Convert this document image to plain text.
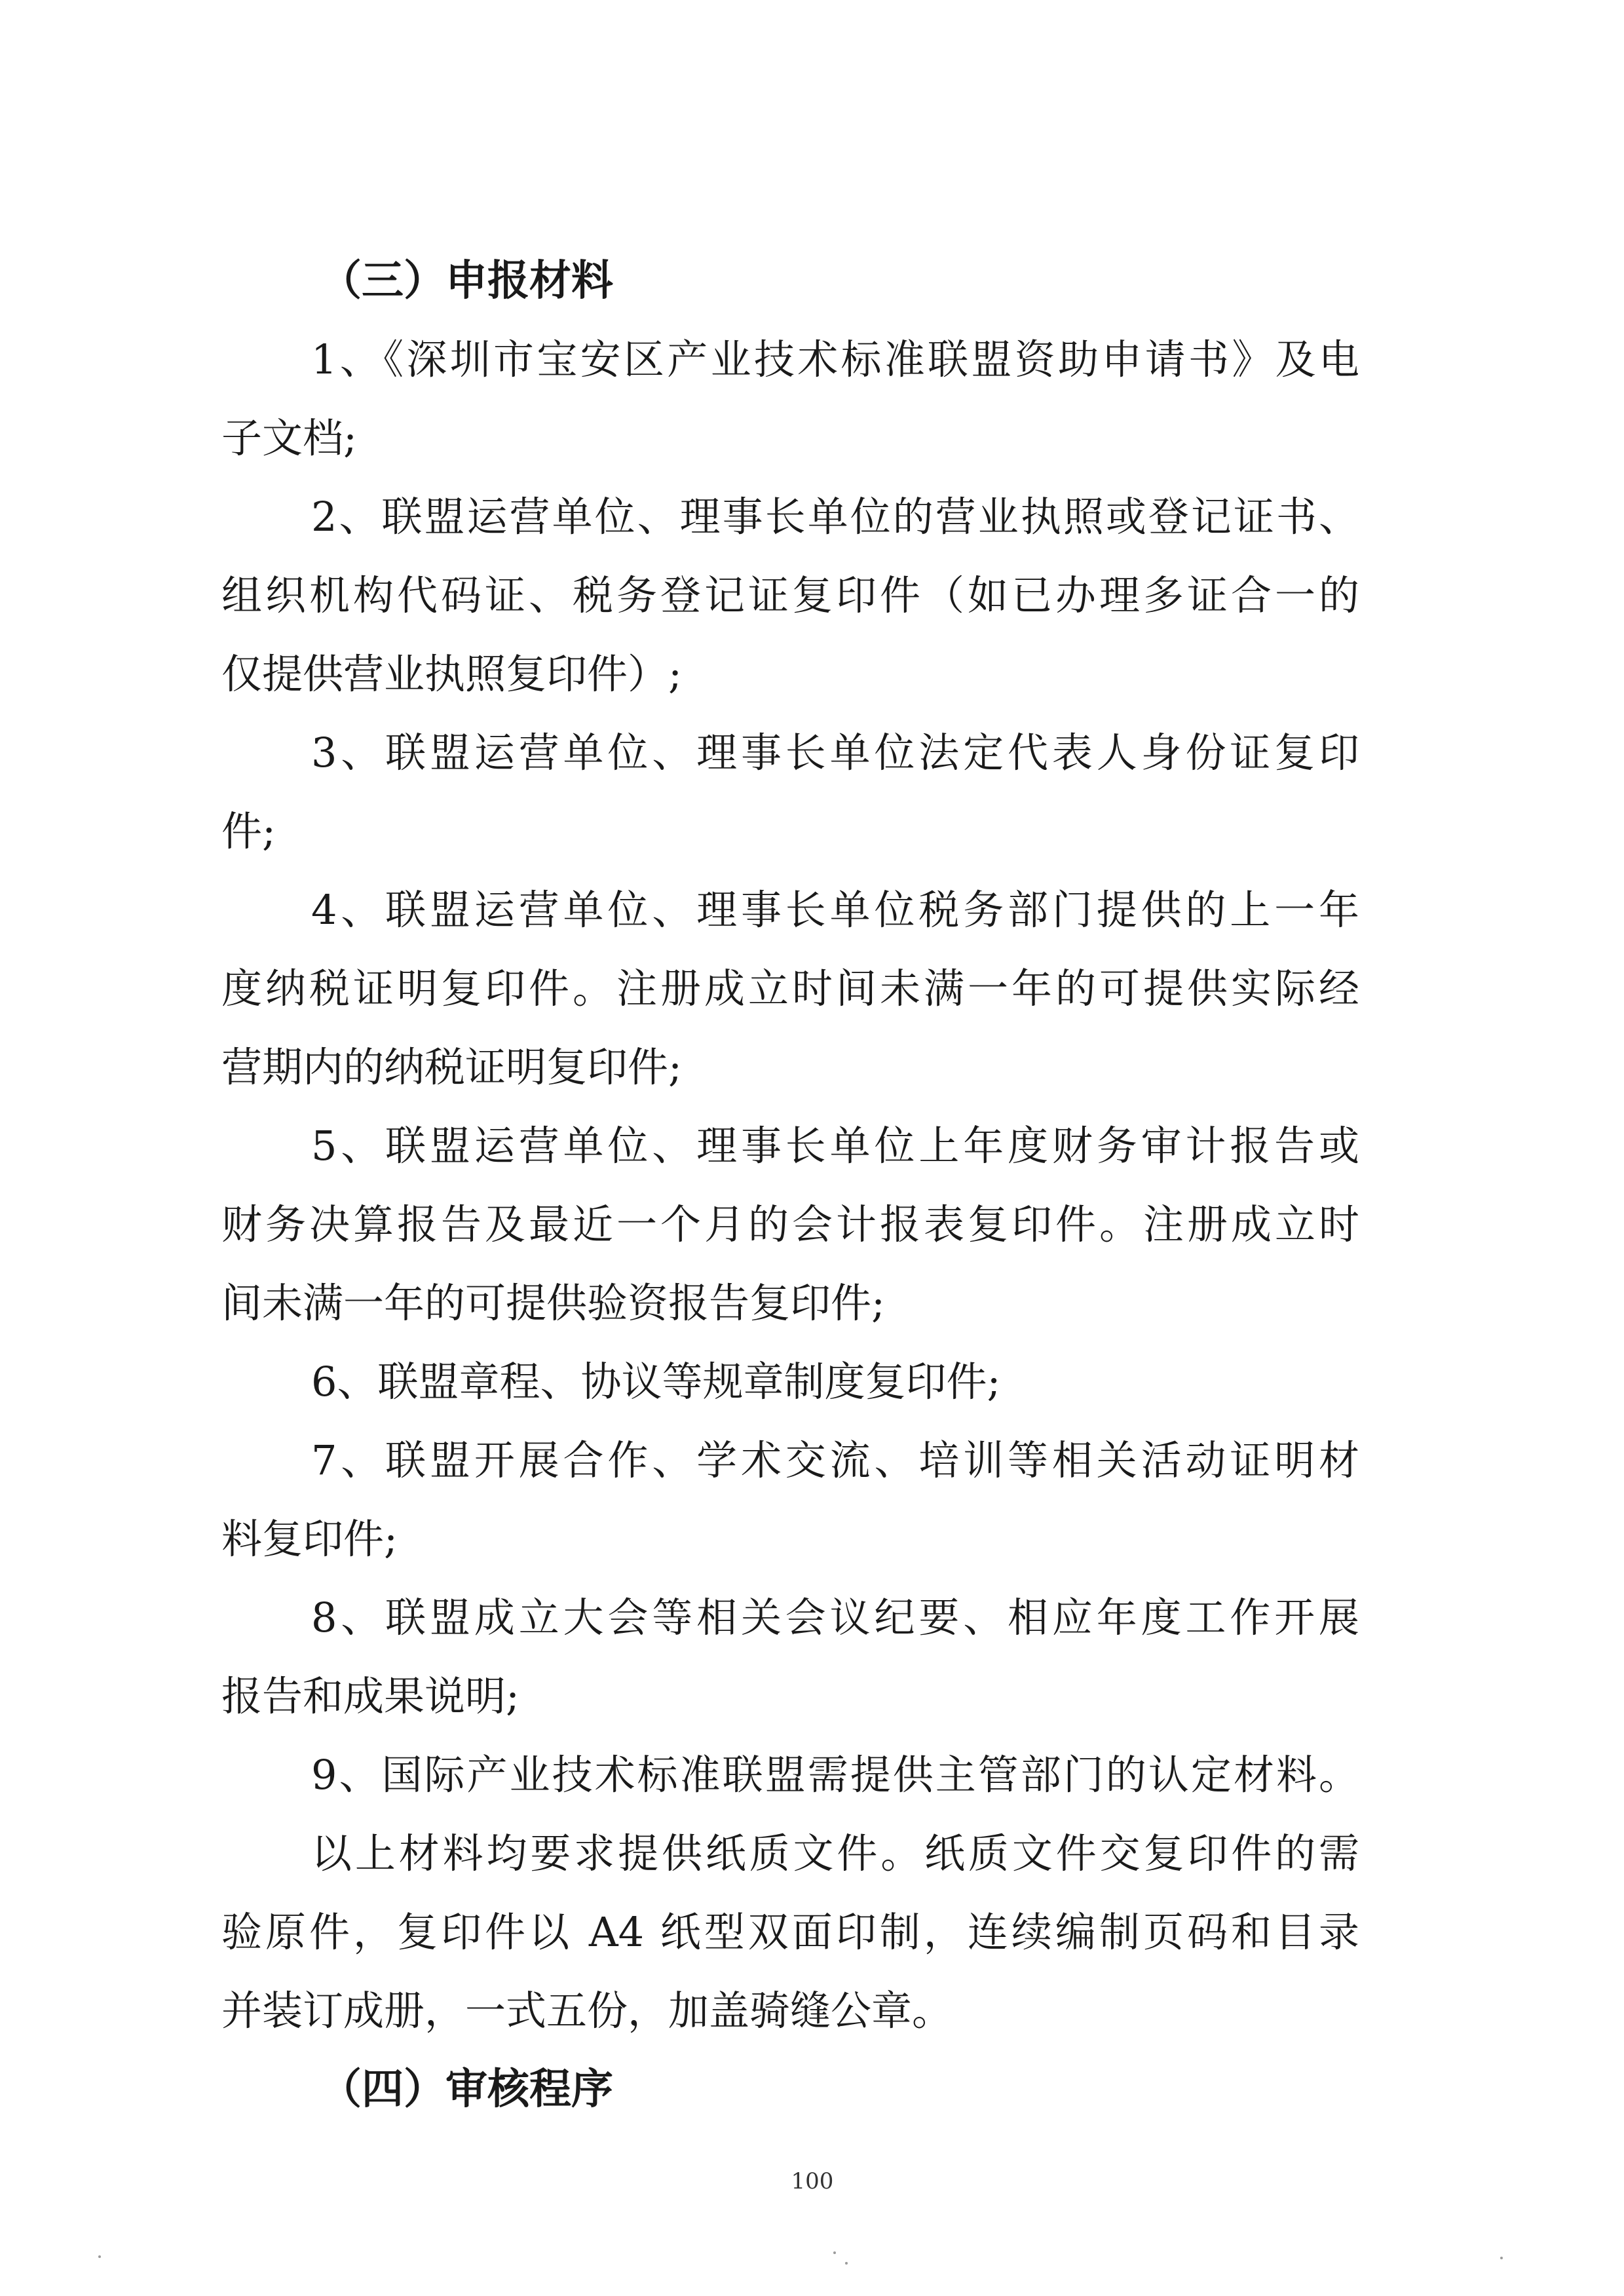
（三）申报材料
1、《深圳市宝安区产业技术标准联盟资助申请书》及电
子文档;
2、联盟运营单位、理事长单位的营业执照或登记证书、
组织机构代码证、税务登记证复印件（如已办理多证合一的
仅提供营业执照复印件）;
3、联盟运营单位、理事长单位法定代表人身份证复印
件;
4、联盟运营单位、理事长单位税务部门提供的上一年
度纳税证明复印件。注册成立时间未满一年的可提供实际经
营期内的纳税证明复印件;
5、联盟运营单位、理事长单位上年度财务审计报告或
财务决算报告及最近一个月的会计报表复印件。注册成立时
间未满一年的可提供验资报告复印件;
6、联盟章程、协议等规章制度复印件;
7、联盟开展合作、学术交流、培训等相关活动证明材
料复印件;
8、联盟成立大会等相关会议纪要、相应年度工作开展
报告和成果说明;
9、国际产业技术标准联盟需提供主管部门的认定材料。
以上材料均要求提供纸质文件。纸质文件交复印件的需
验原件，复印件以 A4 纸型双面印制，连续编制页码和目录
并装订成册，一式五份，加盖骑缝公章。
（四）审核程序
100
